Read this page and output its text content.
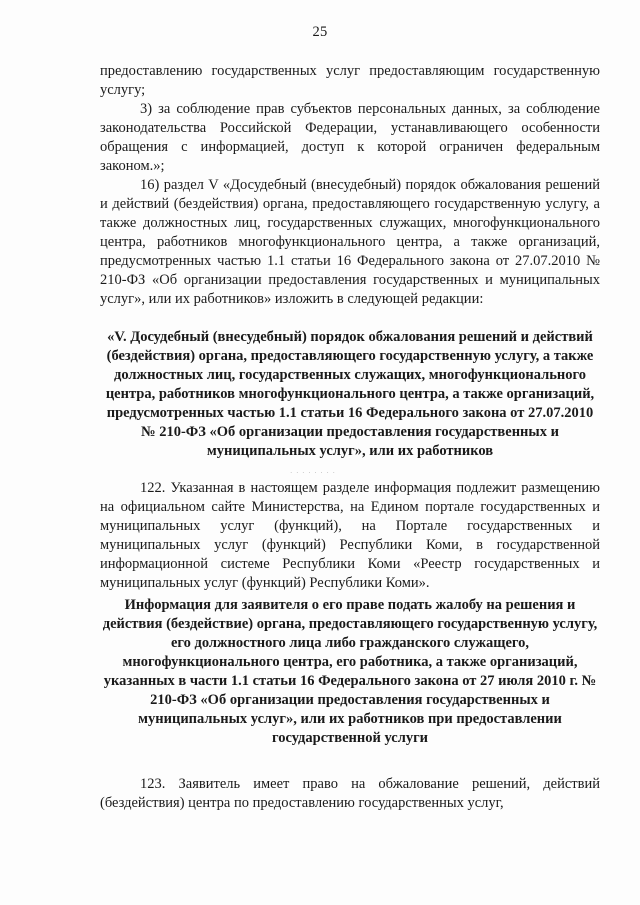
25

предоставлению государственных услуг предоставляющим государственную услугу;

3) за соблюдение прав субъектов персональных данных, за соблюдение законодательства Российской Федерации, устанавливающего особенности обращения с информацией, доступ к которой ограничен федеральным законом.»;

16) раздел V «Досудебный (внесудебный) порядок обжалования решений и действий (бездействия) органа, предоставляющего государственную услугу, а также должностных лиц, государственных служащих, многофункционального центра, работников многофункционального центра, а также организаций, предусмотренных частью 1.1 статьи 16 Федерального закона от 27.07.2010 № 210-ФЗ «Об организации предоставления государственных и муниципальных услуг», или их работников» изложить в следующей редакции:

«V. Досудебный (внесудебный) порядок обжалования решений и действий (бездействия) органа, предоставляющего государственную услугу, а также должностных лиц, государственных служащих, многофункционального центра, работников многофункционального центра, а также организаций, предусмотренных частью 1.1 статьи 16 Федерального закона от 27.07.2010 № 210-ФЗ «Об организации предоставления государственных и муниципальных услуг», или их работников

· · · · · · · ·

122. Указанная в настоящем разделе информация подлежит размещению на официальном сайте Министерства, на Едином портале государственных и муниципальных услуг (функций), на Портале государственных и муниципальных услуг (функций) Республики Коми, в государственной информационной системе Республики Коми «Реестр государственных и муниципальных услуг (функций) Республики Коми».

Информация для заявителя о его праве подать жалобу на решения и действия (бездействие) органа, предоставляющего государственную услугу, его должностного лица либо гражданского служащего, многофункционального центра, его работника, а также организаций, указанных в части 1.1 статьи 16 Федерального закона от 27 июля 2010 г. № 210-ФЗ «Об организации предоставления государственных и муниципальных услуг», или их работников при предоставлении государственной услуги

123. Заявитель имеет право на обжалование решений, действий (бездействия) центра по предоставлению государственных услуг,
